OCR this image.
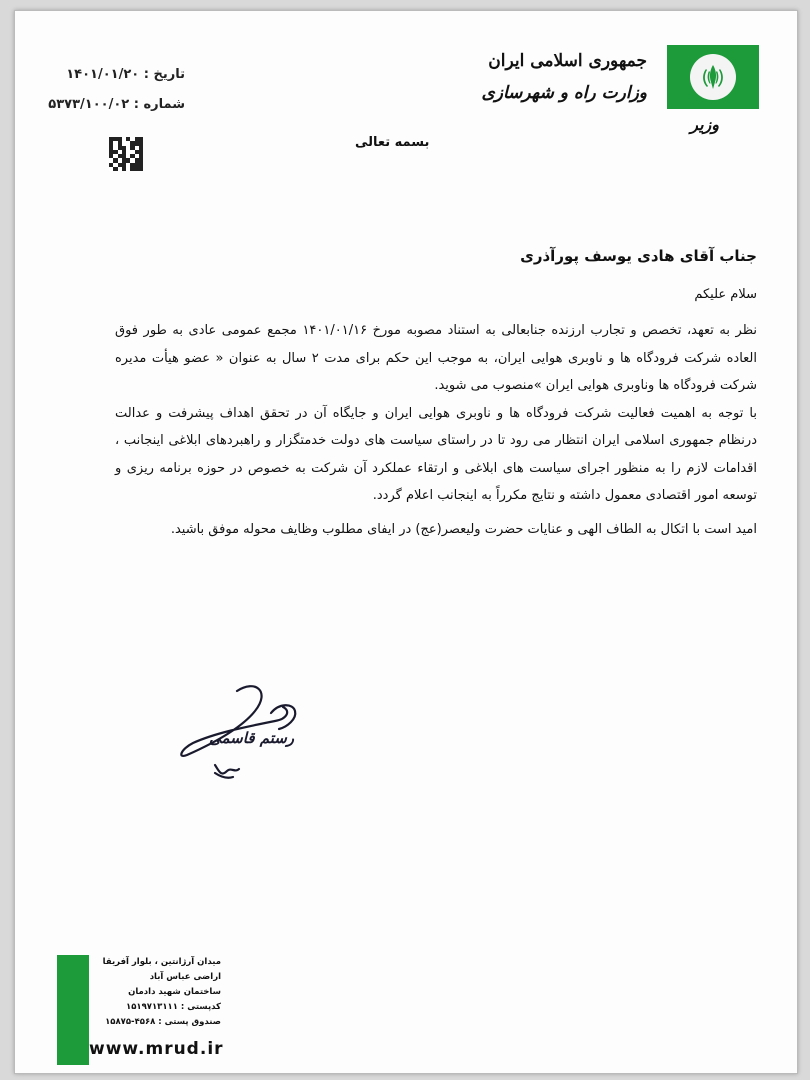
جمهوری اسلامی ایران
وزارت راه و شهرسازی
وزیر
تاریخ : ۱۴۰۱/۰۱/۲۰
شماره : ۵۳۷۳/۱۰۰/۰۲
بسمه تعالی
جناب آقای هادی یوسف پورآذری
سلام علیکم

نظر به تعهد، تخصص و تجارب ارزنده جنابعالی به استناد مصوبه مورخ ۱۴۰۱/۰۱/۱۶ مجمع عمومی عادی به طور فوق العاده شرکت فرودگاه ها و ناوبری هوایی ایران، به موجب این حکم برای مدت ۲ سال به عنوان « عضو هیأت مدیره شرکت فرودگاه ها وناوبری هوایی ایران »منصوب می شوید.

با توجه به اهمیت فعالیت شرکت فرودگاه ها و ناوبری هوایی ایران و جایگاه آن در تحقق اهداف پیشرفت و عدالت درنظام جمهوری اسلامی ایران انتظار می رود تا در راستای سیاست های دولت خدمتگزار و راهبردهای ابلاغی اینجانب ، اقدامات لازم را به منظور اجرای سیاست های ابلاغی و ارتقاء عملکرد آن شرکت به خصوص در حوزه برنامه ریزی و توسعه امور اقتصادی معمول داشته و نتایج مکرراً به اینجانب اعلام گردد.

امید است با اتکال به الطاف الهی و عنایات حضرت ولیعصر(عج) در ایفای مطلوب وظایف محوله موفق باشید.

رستم قاسمی
میدان آرژانتین ، بلوار آفریقا
اراضی عباس آباد
ساختمان شهید دادمان
کدپستی : ۱۵۱۹۷۱۳۱۱۱
صندوق پستی : ۴۵۶۸-۱۵۸۷۵
www.mrud.ir
